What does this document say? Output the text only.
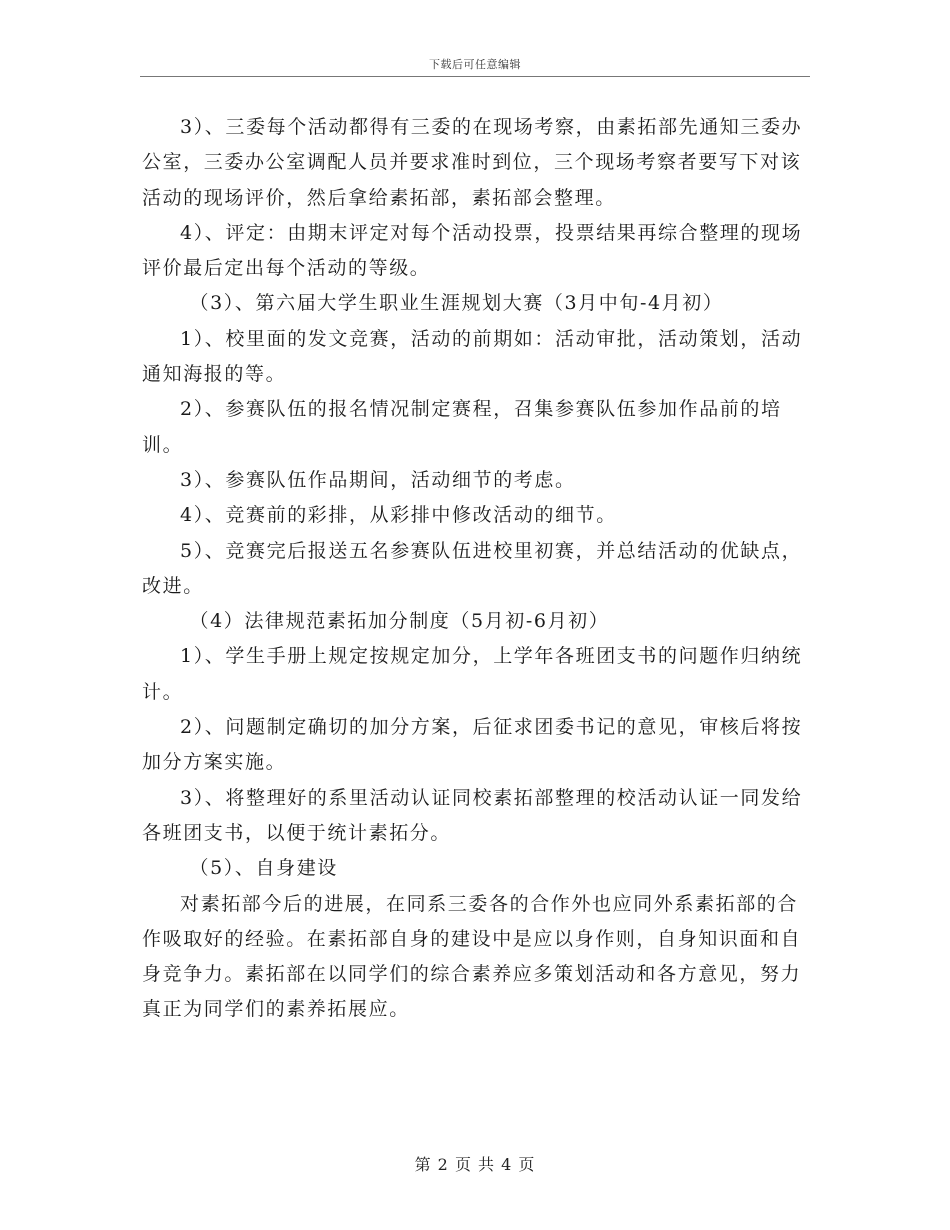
下载后可任意编辑

3）、三委每个活动都得有三委的在现场考察，由素拓部先通知三委办公室，三委办公室调配人员并要求准时到位，三个现场考察者要写下对该活动的现场评价，然后拿给素拓部，素拓部会整理。

4）、评定：由期末评定对每个活动投票，投票结果再综合整理的现场评价最后定出每个活动的等级。

（3）、第六届大学生职业生涯规划大赛（3月中旬-4月初）

1）、校里面的发文竞赛，活动的前期如：活动审批，活动策划，活动通知海报的等。

2）、参赛队伍的报名情况制定赛程，召集参赛队伍参加作品前的培训。

3）、参赛队伍作品期间，活动细节的考虑。

4）、竞赛前的彩排，从彩排中修改活动的细节。

5）、竞赛完后报送五名参赛队伍进校里初赛，并总结活动的优缺点，改进。

（4）法律规范素拓加分制度（5月初-6月初）

1）、学生手册上规定按规定加分，上学年各班团支书的问题作归纳统计。

2）、问题制定确切的加分方案，后征求团委书记的意见，审核后将按加分方案实施。

3）、将整理好的系里活动认证同校素拓部整理的校活动认证一同发给各班团支书，以便于统计素拓分。

（5）、自身建设

对素拓部今后的进展，在同系三委各的合作外也应同外系素拓部的合作吸取好的经验。在素拓部自身的建设中是应以身作则，自身知识面和自身竞争力。素拓部在以同学们的综合素养应多策划活动和各方意见，努力真正为同学们的素养拓展应。

第 2 页 共 4 页
